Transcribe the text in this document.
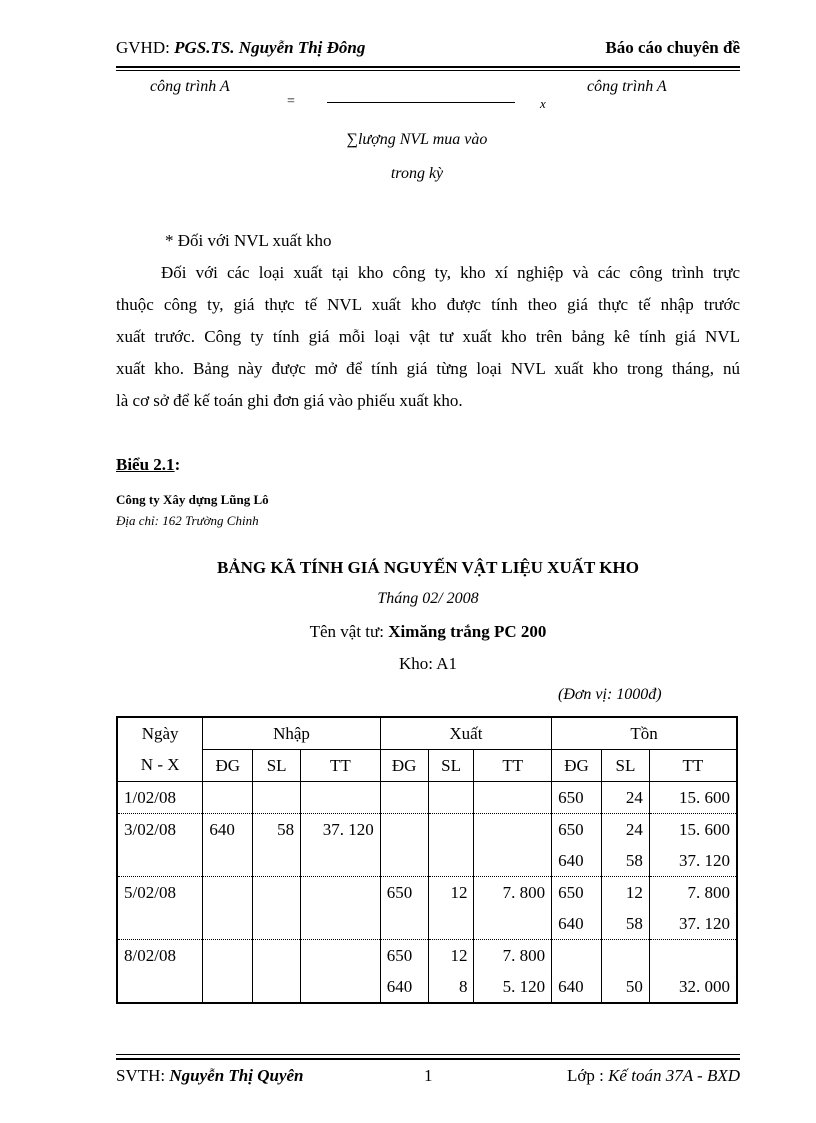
GVHD: PGS.TS. Nguyễn Thị Đông	Báo cáo chuyên đề
công trình A
=	x
công trình A
∑lượng NVL mua vào
trong kỳ
* Đối với NVL xuất kho
Đối với các loại xuất tại kho công ty, kho xí nghiệp và các công trình trực
thuộc công ty, giá thực tế NVL xuất kho được tính theo giá thực tế nhập trước
xuất trước. Công ty tính giá mỗi loại vật tư xuất kho trên bảng kê tính giá NVL
xuất kho. Bảng này được mở để tính giá từng loại NVL xuất kho trong tháng, nú
là cơ sở để kế toán ghi đơn giá vào phiếu xuất kho.
Biểu 2.1:
Công ty Xây dựng Lũng Lô
Địa chỉ: 162 Trường Chinh
BẢNG KÃ TÍNH GIÁ NGUYẾN VẬT LIỆU XUẤT KHO
Tháng 02/ 2008
Tên vật tư: Ximăng trắng PC 200
Kho: A1
(Đơn vị: 1000đ)
Ngày	Nhập			Xuất			Tồn		
N - X	ĐG	SL	TT	ĐG	SL	TT	ĐG	SL	TT
1/02/08							650	24	15. 600
3/02/08	640	58	37. 120				650	24	15. 600
							640	58	37. 120
5/02/08				650	12	7. 800	650	12	7. 800
							640	58	37. 120
8/02/08				650	12	7. 800			
				640	8	5. 120	640	50	32. 000
SVTH: Nguyễn Thị Quyên	1	Lớp : Kế toán 37A - BXD
